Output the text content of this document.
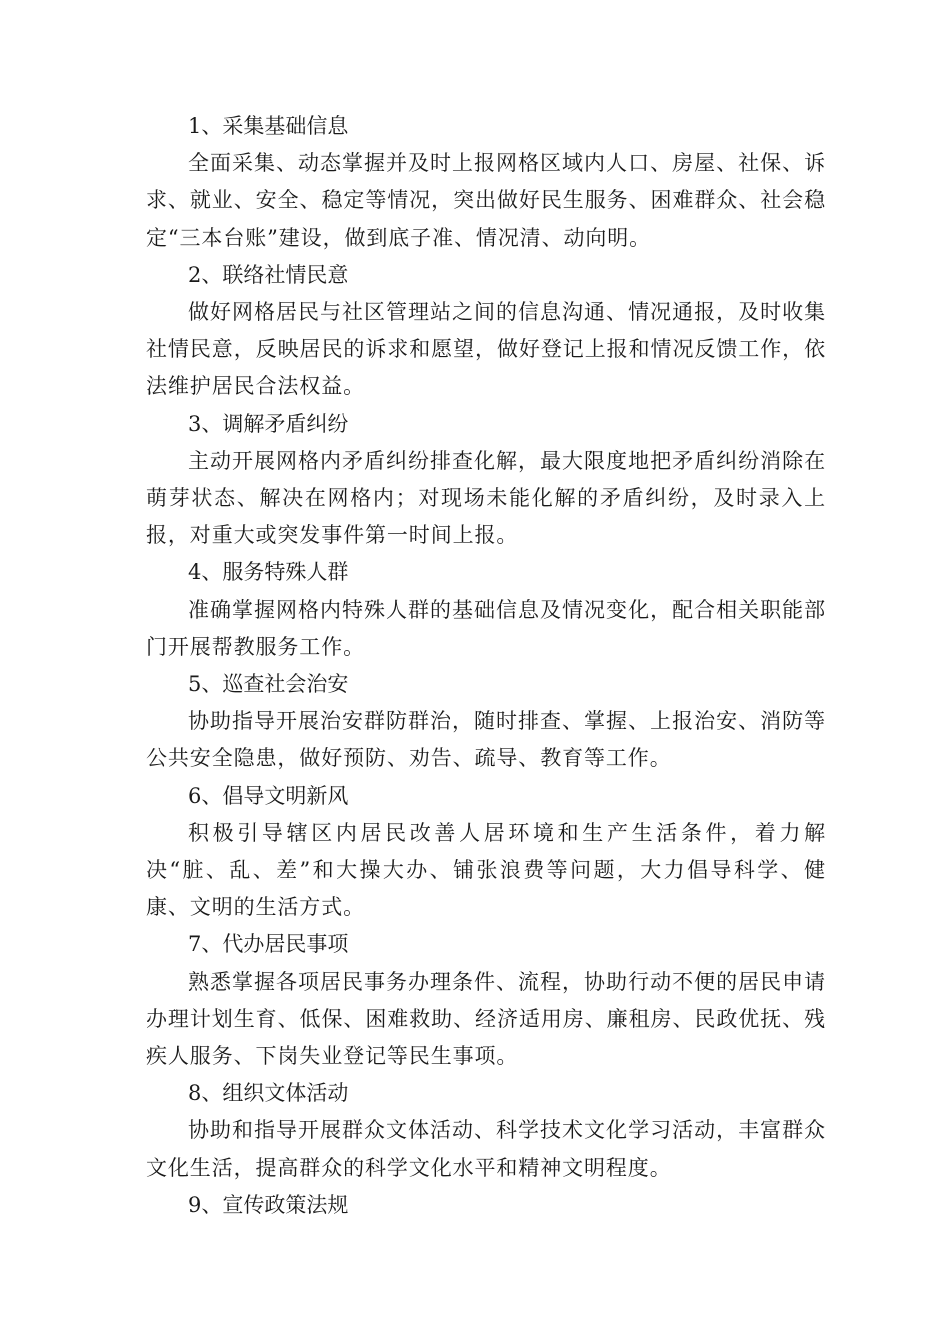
1、采集基础信息

全面采集、动态掌握并及时上报网格区域内人口、房屋、社保、诉求、就业、安全、稳定等情况，突出做好民生服务、困难群众、社会稳定“三本台账”建设，做到底子准、情况清、动向明。

2、联络社情民意

做好网格居民与社区管理站之间的信息沟通、情况通报，及时收集社情民意，反映居民的诉求和愿望，做好登记上报和情况反馈工作，依法维护居民合法权益。

3、调解矛盾纠纷

主动开展网格内矛盾纠纷排查化解，最大限度地把矛盾纠纷消除在萌芽状态、解决在网格内；对现场未能化解的矛盾纠纷，及时录入上报，对重大或突发事件第一时间上报。

4、服务特殊人群

准确掌握网格内特殊人群的基础信息及情况变化，配合相关职能部门开展帮教服务工作。

5、巡查社会治安

协助指导开展治安群防群治，随时排查、掌握、上报治安、消防等公共安全隐患，做好预防、劝告、疏导、教育等工作。

6、倡导文明新风

积极引导辖区内居民改善人居环境和生产生活条件，着力解决“脏、乱、差”和大操大办、铺张浪费等问题，大力倡导科学、健康、文明的生活方式。

7、代办居民事项

熟悉掌握各项居民事务办理条件、流程，协助行动不便的居民申请办理计划生育、低保、困难救助、经济适用房、廉租房、民政优抚、残疾人服务、下岗失业登记等民生事项。

8、组织文体活动

协助和指导开展群众文体活动、科学技术文化学习活动，丰富群众文化生活，提高群众的科学文化水平和精神文明程度。

9、宣传政策法规
